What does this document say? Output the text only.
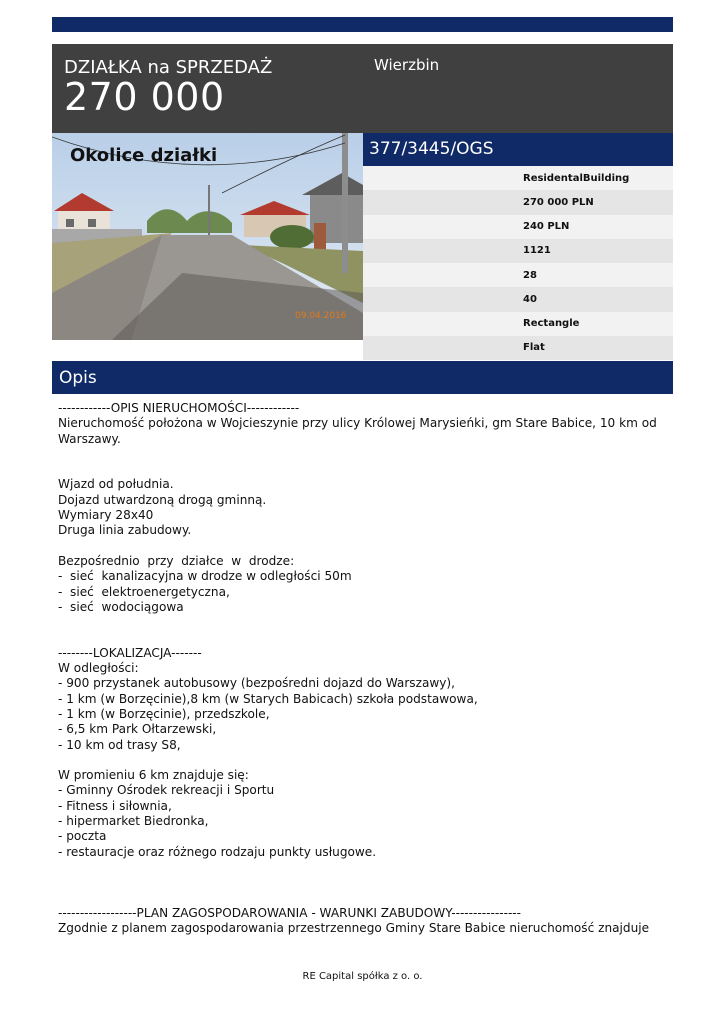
DZIAŁKA na SPRZEDAŻ
270 000
Wierzbin
Okolice działki
09.04.2016
377/3445/OGS
ResidentalBuilding
270 000 PLN
240 PLN
1121
28
40
Rectangle
Flat
Opis
------------OPIS NIERUCHOMOŚCI------------
Nieruchomość położona w Wojcieszynie przy ulicy Królowej Marysieńki, gm Stare Babice, 10 km od
Warszawy.
Wjazd od południa.
Dojazd utwardzoną drogą gminną.
Wymiary 28x40
Druga linia zabudowy.
Bezpośrednio  przy  działce  w  drodze:
-  sieć  kanalizacyjna w drodze w odległości 50m
-  sieć  elektroenergetyczna,
-  sieć  wodociągowa
--------LOKALIZACJA-------
W odległości:
- 900 przystanek autobusowy (bezpośredni dojazd do Warszawy),
- 1 km (w Borzęcinie),8 km (w Starych Babicach) szkoła podstawowa,
- 1 km (w Borzęcinie), przedszkole,
- 6,5 km Park Ołtarzewski,
- 10 km od trasy S8,
W promieniu 6 km znajduje się:
- Gminny Ośrodek rekreacji i Sportu
- Fitness i siłownia,
- hipermarket Biedronka,
- poczta
- restauracje oraz różnego rodzaju punkty usługowe.
------------------PLAN ZAGOSPODAROWANIA - WARUNKI ZABUDOWY----------------
Zgodnie z planem zagospodarowania przestrzennego Gminy Stare Babice nieruchomość znajduje
RE Capital spółka z o. o.
